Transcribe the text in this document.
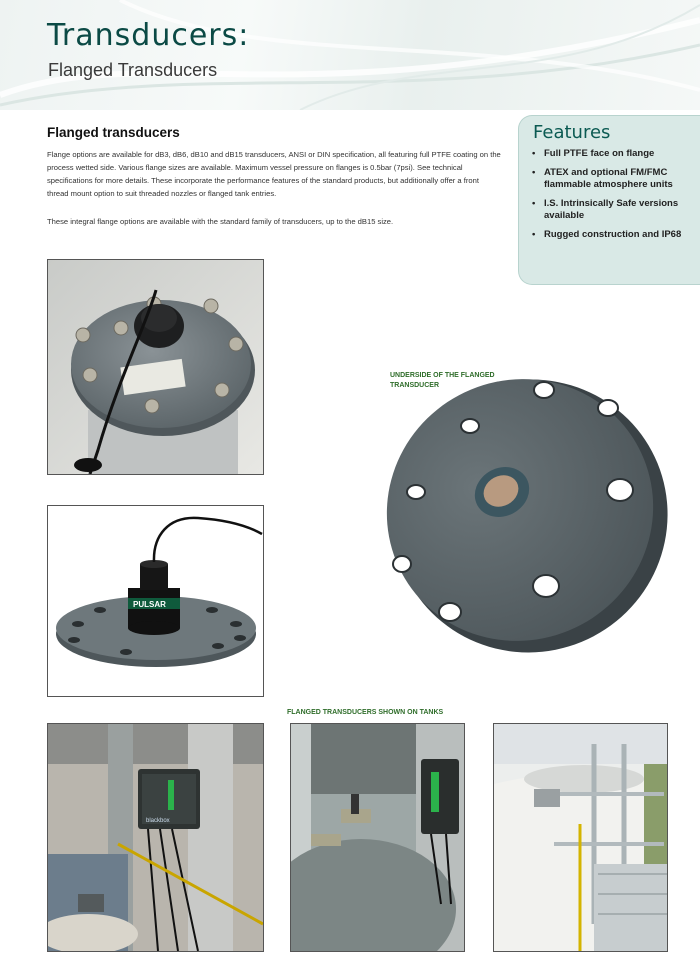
Transducers:
Flanged Transducers
Flanged transducers

Flange options are available for dB3, dB6, dB10 and dB15 transducers, ANSI or DIN specification, all featuring full PTFE coating on the process wetted side. Various flange sizes are available. Maximum vessel pressure on flanges is 0.5bar (7psi). See technical specifications for more details. These incorporate the performance features of the standard products, but additionally offer a front thread mount option to suit threaded nozzles or flanged tank entries.

These integral flange options are available with the standard family of transducers, up to the dB15 size.

Features
• Full PTFE face on flange
• ATEX and optional FM/FMC flammable atmosphere units
• I.S. Intrinsically Safe versions available
• Rugged construction and IP68
PULSAR

UNDERSIDE OF THE FLANGED TRANSDUCER

FLANGED TRANSDUCERS SHOWN ON TANKS

blackbox
